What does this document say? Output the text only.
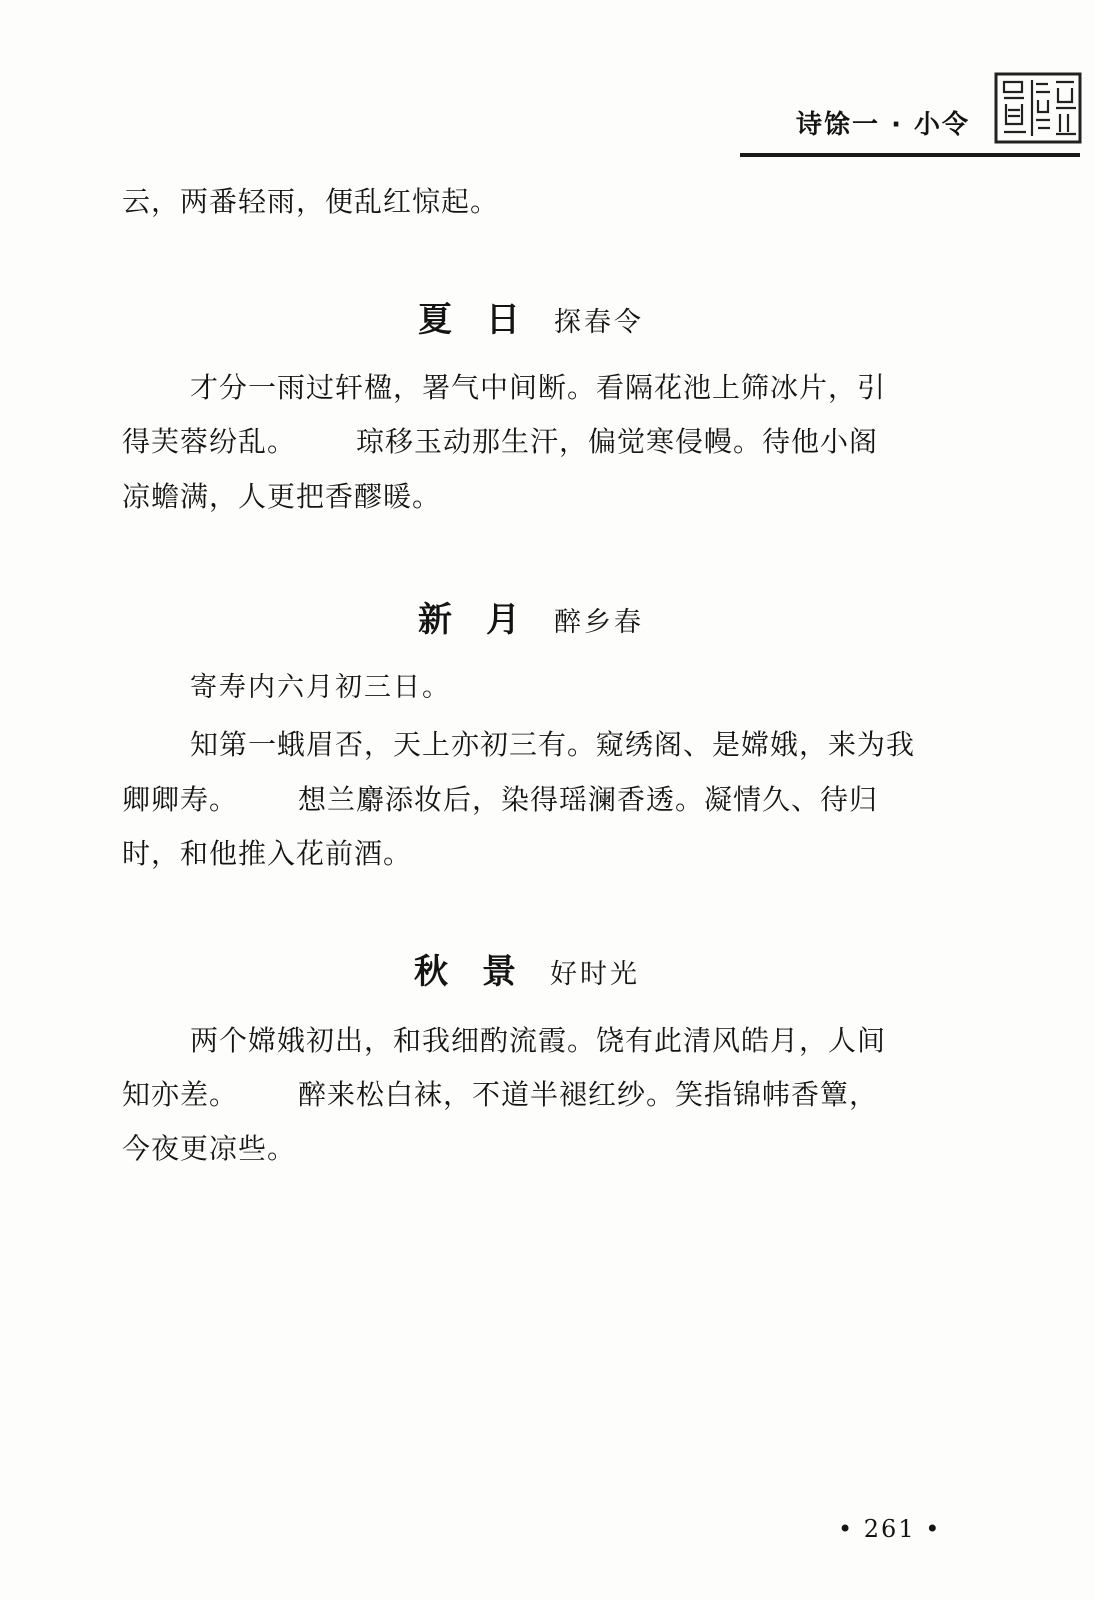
诗馀一 · 小令
云，两番轻雨，便乱红惊起。
夏日探春令
才分一雨过轩楹，署气中间断。看隔花池上筛冰片，引
得芙蓉纷乱。 琼移玉动那生汗，偏觉寒侵幔。待他小阁
凉蟾满，人更把香醪暖。
新月醉乡春
寄寿内六月初三日。
知第一蛾眉否，天上亦初三有。窥绣阁、是嫦娥，来为我
卿卿寿。 想兰麝添妆后，染得瑶澜香透。凝情久、待归
时，和他推入花前酒。
秋景好时光
两个嫦娥初出，和我细酌流霞。饶有此清风皓月，人间
知亦差。 醉来松白袜，不道半褪红纱。笑指锦帏香簟，
今夜更凉些。
• 261 •
